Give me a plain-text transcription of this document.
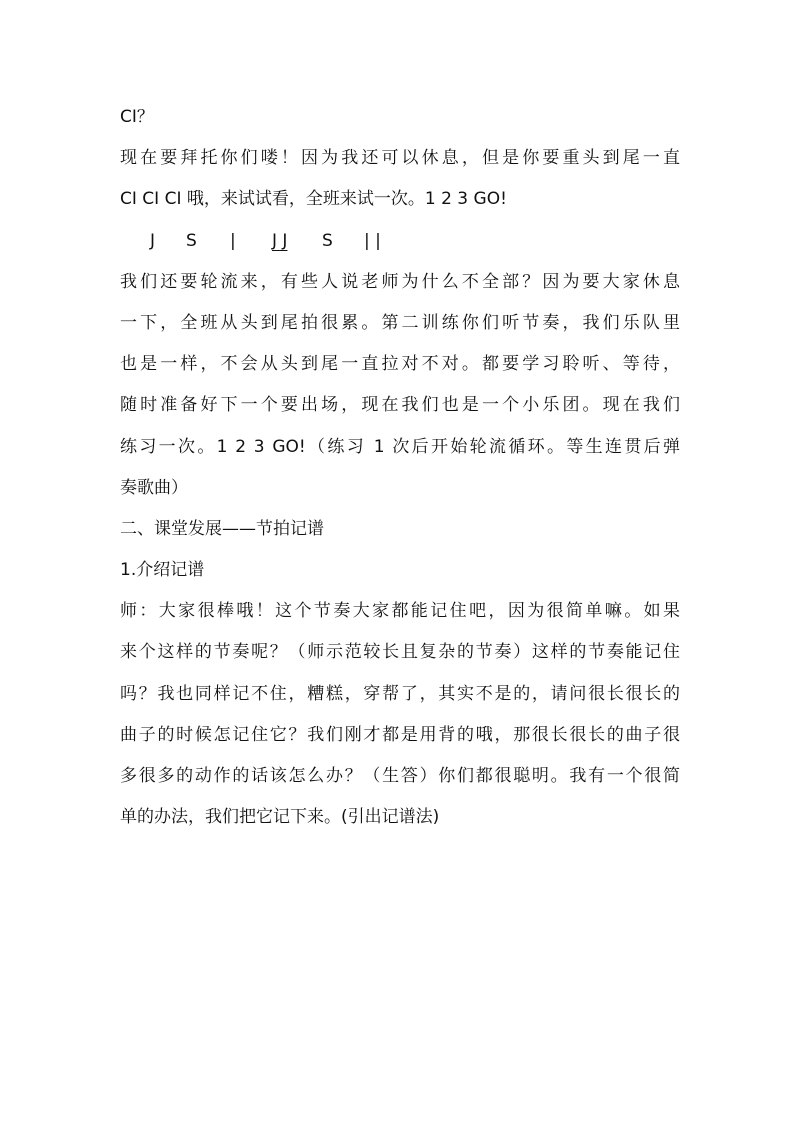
CI？
现在要拜托你们喽！因为我还可以休息，但是你要重头到尾一直
CI CI CI 哦，来试试看，全班来试一次。1 2 3 GO!
J S | J J S | |
我们还要轮流来，有些人说老师为什么不全部？因为要大家休息
一下，全班从头到尾拍很累。第二训练你们听节奏，我们乐队里
也是一样，不会从头到尾一直拉对不对。都要学习聆听、等待，
随时准备好下一个要出场，现在我们也是一个小乐团。现在我们
练习一次。1 2 3 GO!（练习 1 次后开始轮流循环。等生连贯后弹
奏歌曲）
二、课堂发展——节拍记谱
1.介绍记谱
师：大家很棒哦！这个节奏大家都能记住吧，因为很简单嘛。如果
来个这样的节奏呢？（师示范较长且复杂的节奏）这样的节奏能记住
吗？我也同样记不住，糟糕，穿帮了，其实不是的，请问很长很长的
曲子的时候怎记住它？我们刚才都是用背的哦，那很长很长的曲子很
多很多的动作的话该怎么办？（生答）你们都很聪明。我有一个很简
单的办法，我们把它记下来。(引出记谱法)
